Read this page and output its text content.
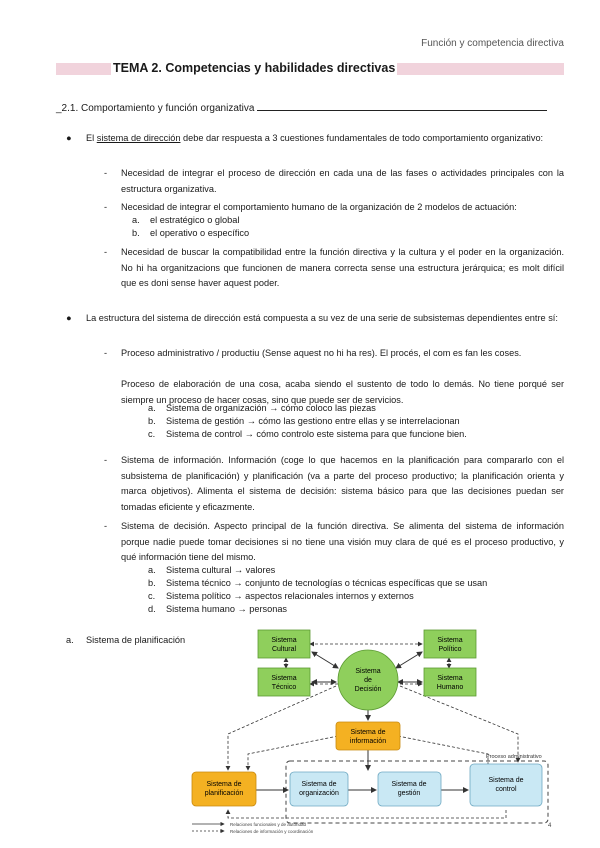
Función y competencia directiva
TEMA 2. Competencias y habilidades directivas
_2.1. Comportamiento y función organizativa
● El sistema de dirección debe dar respuesta a 3 cuestiones fundamentales de todo comportamiento organizativo:
- Necesidad de integrar el proceso de dirección en cada una de las fases o actividades principales con la estructura organizativa.
- Necesidad de integrar el comportamiento humano de la organización de 2 modelos de actuación:
a. el estratégico o global
b. el operativo o específico
- Necesidad de buscar la compatibilidad entre la función directiva y la cultura y el poder en la organización. No hi ha organitzacions que funcionen de manera correcta sense una estructura jerárquica; es molt difícil que es doni sense haver aquest poder.
● La estructura del sistema de dirección está compuesta a su vez de una serie de subsistemas dependientes entre sí:
- Proceso administrativo / productiu (Sense aquest no hi ha res). El procés, el com es fan les coses.
Proceso de elaboración de una cosa, acaba siendo el sustento de todo lo demás. No tiene porqué ser siempre un proceso de hacer cosas, sino que puede ser de servicios.
a. Sistema de organización → cómo coloco las piezas
b. Sistema de gestión → cómo las gestiono entre ellas y se interrelacionan
c. Sistema de control → cómo controlo este sistema para que funcione bien.
- Sistema de información. Información (coge lo que hacemos en la planificación para compararlo con el subsistema de planificación) y planificación (va a parte del proceso productivo; la planificación orienta y marca objetivos). Alimenta el sistema de decisión: sistema básico para que las decisiones puedan ser tomadas eficiente y eficazmente.
- Sistema de decisión. Aspecto principal de la función directiva. Se alimenta del sistema de información porque nadie puede tomar decisiones si no tiene una visión muy clara de qué es el proceso productivo, y qué información tiene del mismo.
a. Sistema cultural → valores
b. Sistema técnico → conjunto de tecnologías o técnicas específicas que se usan
c. Sistema político → aspectos relacionales internos y externos
d. Sistema humano → personas
a. Sistema de planificación
Proceso administrativo
Sistema Cultural
Sistema Político
Sistema Técnico
Sistema Humano
Sistema de Decisión
Sistema de información
Sistema de planificación
Sistema de organización
Sistema de gestión
Sistema de control
Relaciones funcionales y de autoridad
Relaciones de información y coordinación
4
